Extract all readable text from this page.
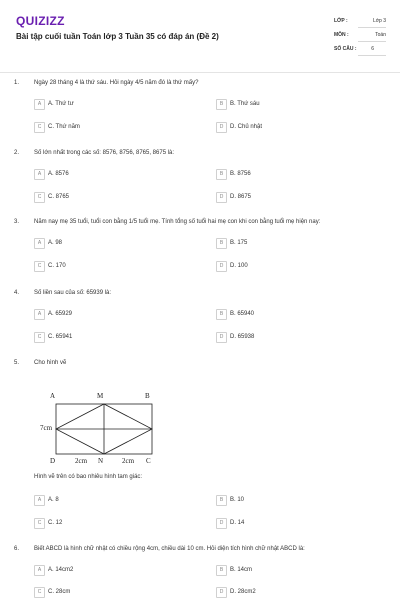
QUIZIZZ
Bài tập cuối tuần Toán lớp 3 Tuần 35 có đáp án (Đề 2)
LỚP :	Lớp 3
MÔN :	Toán
SỐ CÂU :	6
1. Ngày 28 tháng 4 là thứ sáu. Hỏi ngày 4/5 năm đó là thứ mấy?
A	A. Thứ tư	B	B. Thứ sáu
C	C. Thứ năm	D	D. Chủ nhật
2. Số lớn nhất trong các số: 8576, 8756, 8765, 8675 là:
A	A. 8576	B	B. 8756
C	C. 8765	D	D. 8675
3. Năm nay mẹ 35 tuổi, tuổi con bằng 1/5 tuổi mẹ. Tính tổng số tuổi hai mẹ con khi con bằng tuổi mẹ hiện nay:
A	A. 98	B	B. 175
C	C. 170	D	D. 100
4. Số liền sau của số: 65939 là:
A	A. 65929	B	B. 65940
C	C. 65941	D	D. 65938
5. Cho hình vẽ
A	M	B
7cm
D	2cm N	2cm C
Hình vẽ trên có bao nhiêu hình tam giác:
A	A. 8	B	B. 10
C	C. 12	D	D. 14
6. Biết ABCD là hình chữ nhật có chiều rộng 4cm, chiều dài 10 cm. Hỏi diện tích hình chữ nhật ABCD là:
A	A. 14cm2	B	B. 14cm
C	C. 28cm	D	D. 28cm2
